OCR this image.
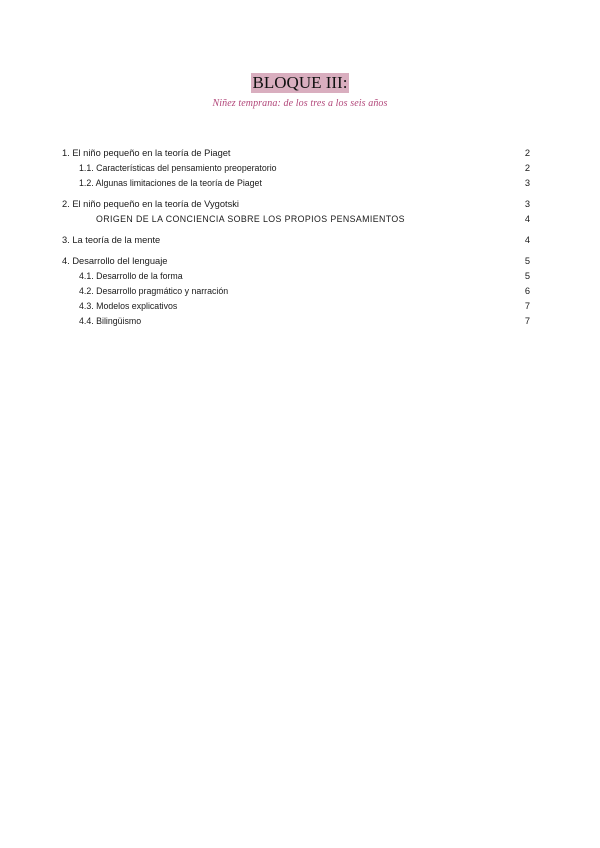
BLOQUE III:
Niñez temprana: de los tres a los seis años
1. El niño pequeño en la teoría de Piaget	2
1.1. Características del pensamiento preoperatorio	2
1.2. Algunas limitaciones de la teoría de Piaget	3
2. El niño pequeño en la teoría de Vygotski	3
ORIGEN DE LA CONCIENCIA SOBRE LOS PROPIOS PENSAMIENTOS	4
3. La teoría de la mente	4
4. Desarrollo del lenguaje	5
4.1. Desarrollo de la forma	5
4.2. Desarrollo pragmático y narración	6
4.3. Modelos explicativos	7
4.4. Bilingüismo	7
